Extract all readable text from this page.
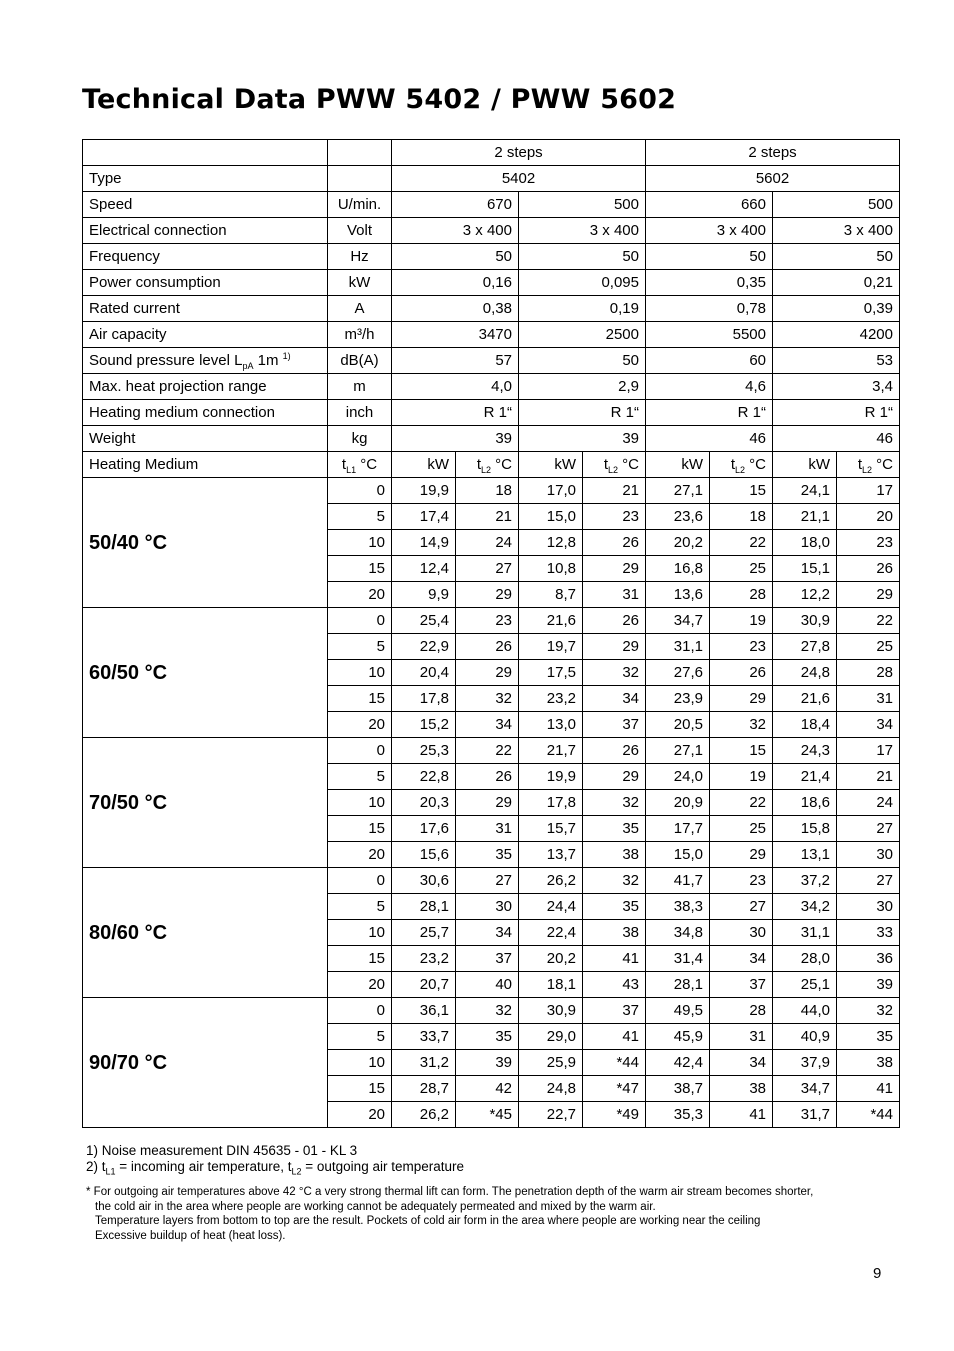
Technical Data PWW 5402 / PWW 5602
		2 steps				2 steps			
Type		5402				5602			
Speed	U/min.	670		500		660		500	
Electrical connection	Volt	3 x 400		3 x 400		3 x 400		3 x 400	
Frequency	Hz	50		50		50		50	
Power consumption	kW	0,16		0,095		0,35		0,21	
Rated current	A	0,38		0,19		0,78		0,39	
Air capacity	m³/h	3470		2500		5500		4200	
Sound pressure level $L_{pA}$ 1m $^{1)}$	dB(A)	57		50		60		53	
Max. heat projection range	m	4,0		2,9		4,6		3,4	
Heating medium connection	inch	R 1“		R 1“		R 1“		R 1“	
Weight	kg	39		39		46		46	
Heating Medium	$t_{L1}$ °C	kW	$t_{L2}$ °C	kW	$t_{L2}$ °C	kW	$t_{L2}$ °C	kW	$t_{L2}$ °C
50/40 °C	0	19,9	18	17,0	21	27,1	15	24,1	17
	5	17,4	21	15,0	23	23,6	18	21,1	20
	10	14,9	24	12,8	26	20,2	22	18,0	23
	15	12,4	27	10,8	29	16,8	25	15,1	26
	20	9,9	29	8,7	31	13,6	28	12,2	29
60/50 °C	0	25,4	23	21,6	26	34,7	19	30,9	22
	5	22,9	26	19,7	29	31,1	23	27,8	25
	10	20,4	29	17,5	32	27,6	26	24,8	28
	15	17,8	32	23,2	34	23,9	29	21,6	31
	20	15,2	34	13,0	37	20,5	32	18,4	34
70/50 °C	0	25,3	22	21,7	26	27,1	15	24,3	17
	5	22,8	26	19,9	29	24,0	19	21,4	21
	10	20,3	29	17,8	32	20,9	22	18,6	24
	15	17,6	31	15,7	35	17,7	25	15,8	27
	20	15,6	35	13,7	38	15,0	29	13,1	30
80/60 °C	0	30,6	27	26,2	32	41,7	23	37,2	27
	5	28,1	30	24,4	35	38,3	27	34,2	30
	10	25,7	34	22,4	38	34,8	30	31,1	33
	15	23,2	37	20,2	41	31,4	34	28,0	36
	20	20,7	40	18,1	43	28,1	37	25,1	39
90/70 °C	0	36,1	32	30,9	37	49,5	28	44,0	32
	5	33,7	35	29,0	41	45,9	31	40,9	35
	10	31,2	39	25,9	*44	42,4	34	37,9	38
	15	28,7	42	24,8	*47	38,7	38	34,7	41
	20	26,2	*45	22,7	*49	35,3	41	31,7	*44
1) Noise measurement DIN 45635 - 01 - KL 3
2) $t_{L1}$ = incoming air temperature, $t_{L2}$ = outgoing air temperature
* For outgoing air temperatures above 42 °C a very strong thermal lift can form. The penetration depth of the warm air stream becomes shorter,
the cold air in the area where people are working cannot be adequately permeated and mixed by the warm air.
Temperature layers from bottom to top are the result. Pockets of cold air form in the area where people are working near the ceiling
Excessive buildup of heat (heat loss).
9
